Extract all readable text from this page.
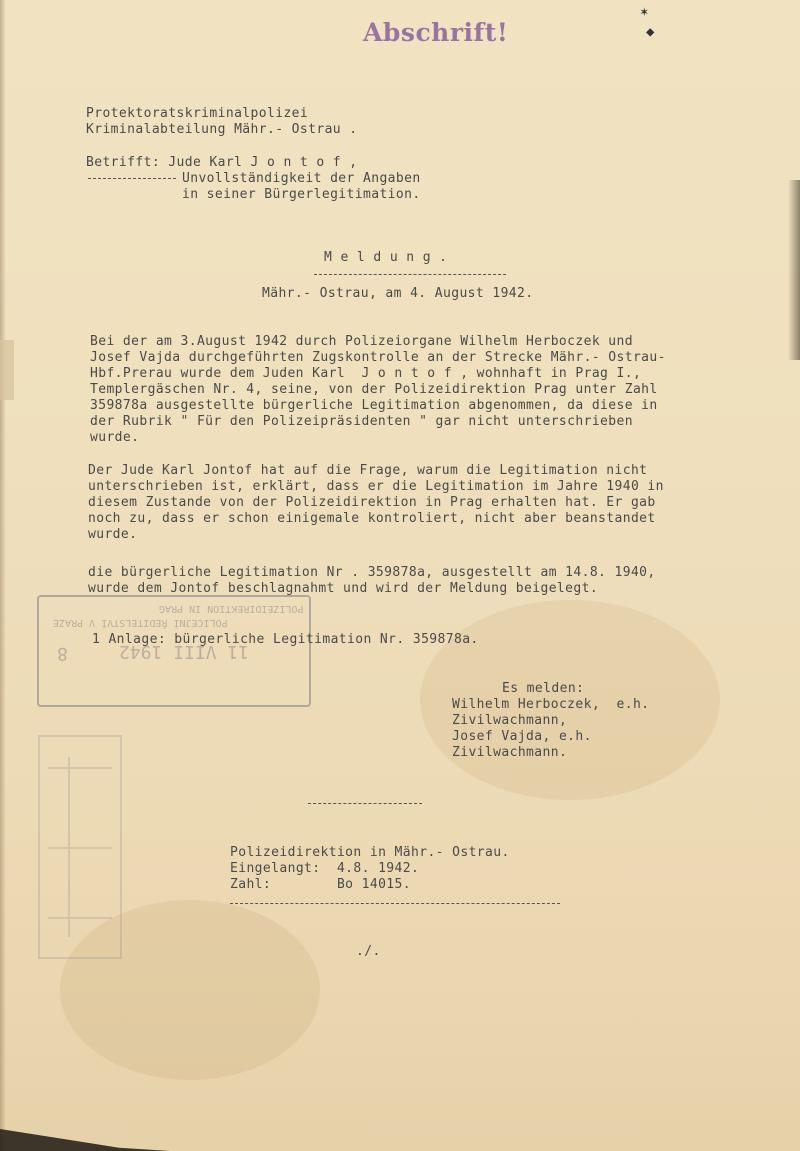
✶
◆
Abschrift!
Protektoratskriminalpolizei
Kriminalabteilung Mähr.- Ostrau .
Betrifft: Jude Karl J o n t o f ,
Unvollständigkeit der Angaben
in seiner Bürgerlegitimation.
M e l d u n g .
Mähr.- Ostrau, am 4. August 1942.
Bei der am 3.August 1942 durch Polizeiorgane Wilhelm Herboczek und
Josef Vajda durchgeführten Zugskontrolle an der Strecke Mähr.- Ostrau-
Hbf.Prerau wurde dem Juden Karl  J o n t o f , wohnhaft in Prag I.,
Templergäschen Nr. 4, seine, von der Polizeidirektion Prag unter Zahl
359878a ausgestellte bürgerliche Legitimation abgenommen, da diese in
der Rubrik " Für den Polizeipräsidenten " gar nicht unterschrieben
wurde.
Der Jude Karl Jontof hat auf die Frage, warum die Legitimation nicht
unterschrieben ist, erklärt, dass er die Legitimation im Jahre 1940 in
diesem Zustande von der Polizeidirektion in Prag erhalten hat. Er gab
noch zu, dass er schon einigemale kontroliert, nicht aber beanstandet
wurde.
die bürgerliche Legitimation Nr . 359878a, ausgestellt am 14.8. 1940,
wurde dem Jontof beschlagnahmt und wird der Meldung beigelegt.
POLIZEIDIREKTION IN PRAG
POLICEJNÍ ŘEDITELSTVÍ V PRAZE
11 VIII 1942
8
1 Anlage: bürgerliche Legitimation Nr. 359878a.
Es melden:
Wilhelm Herboczek,  e.h.
Zivilwachmann,
Josef Vajda, e.h.
Zivilwachmann.
Polizeidirektion in Mähr.- Ostrau.
Eingelangt:  4.8. 1942.
Zahl:        Bo 14015.
./.
